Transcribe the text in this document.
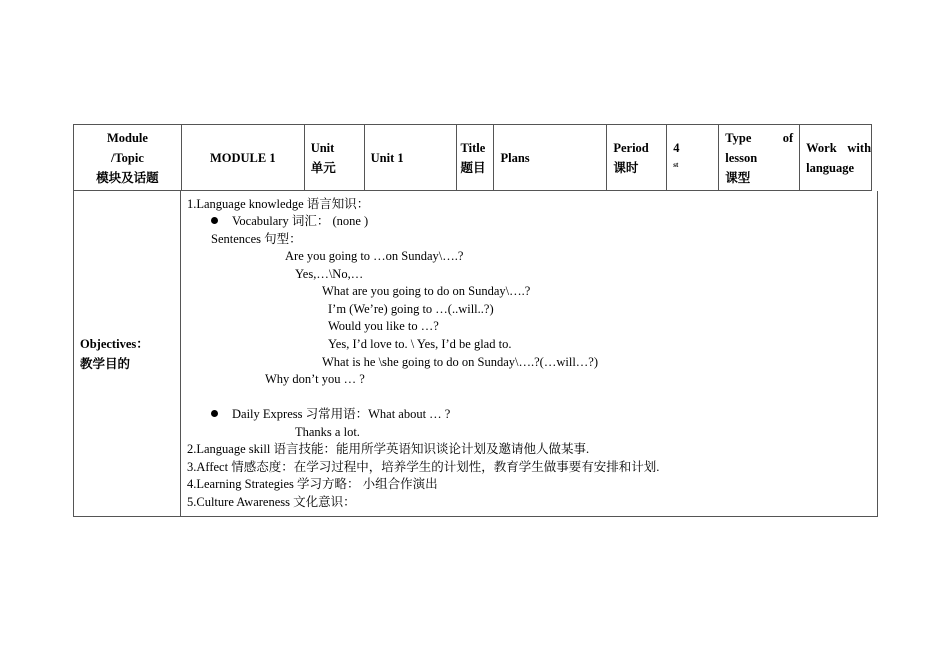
Module
/Topic
模块及话题
MODULE 1
Unit
单元
Unit 1
Title
题目
Plans
Period
课时
4
$^{st}$
Type	of
lesson
课型
Work with
language
Objectives：
教学目的
1.Language knowledge 语言知识：
Vocabulary 词汇： (none )
Sentences 句型：
Are you going to …on Sunday\….?
Yes,…\No,…
What are you going to do on Sunday\….?
I’m (We’re) going to …(..will..?)
Would you like to …?
Yes, I’d love to. \ Yes, I’d be glad to.
What is he \she going to do on Sunday\….?(…will…?)
Why don’t you … ?
Daily Express 习常用语：What about … ?
Thanks a lot.
2.Language skill 语言技能：能用所学英语知识谈论计划及邀请他人做某事.
3.Affect 情感态度：在学习过程中，培养学生的计划性，教育学生做事要有安排和计划.
4.Learning Strategies 学习方略： 小组合作演出
5.Culture Awareness 文化意识：
